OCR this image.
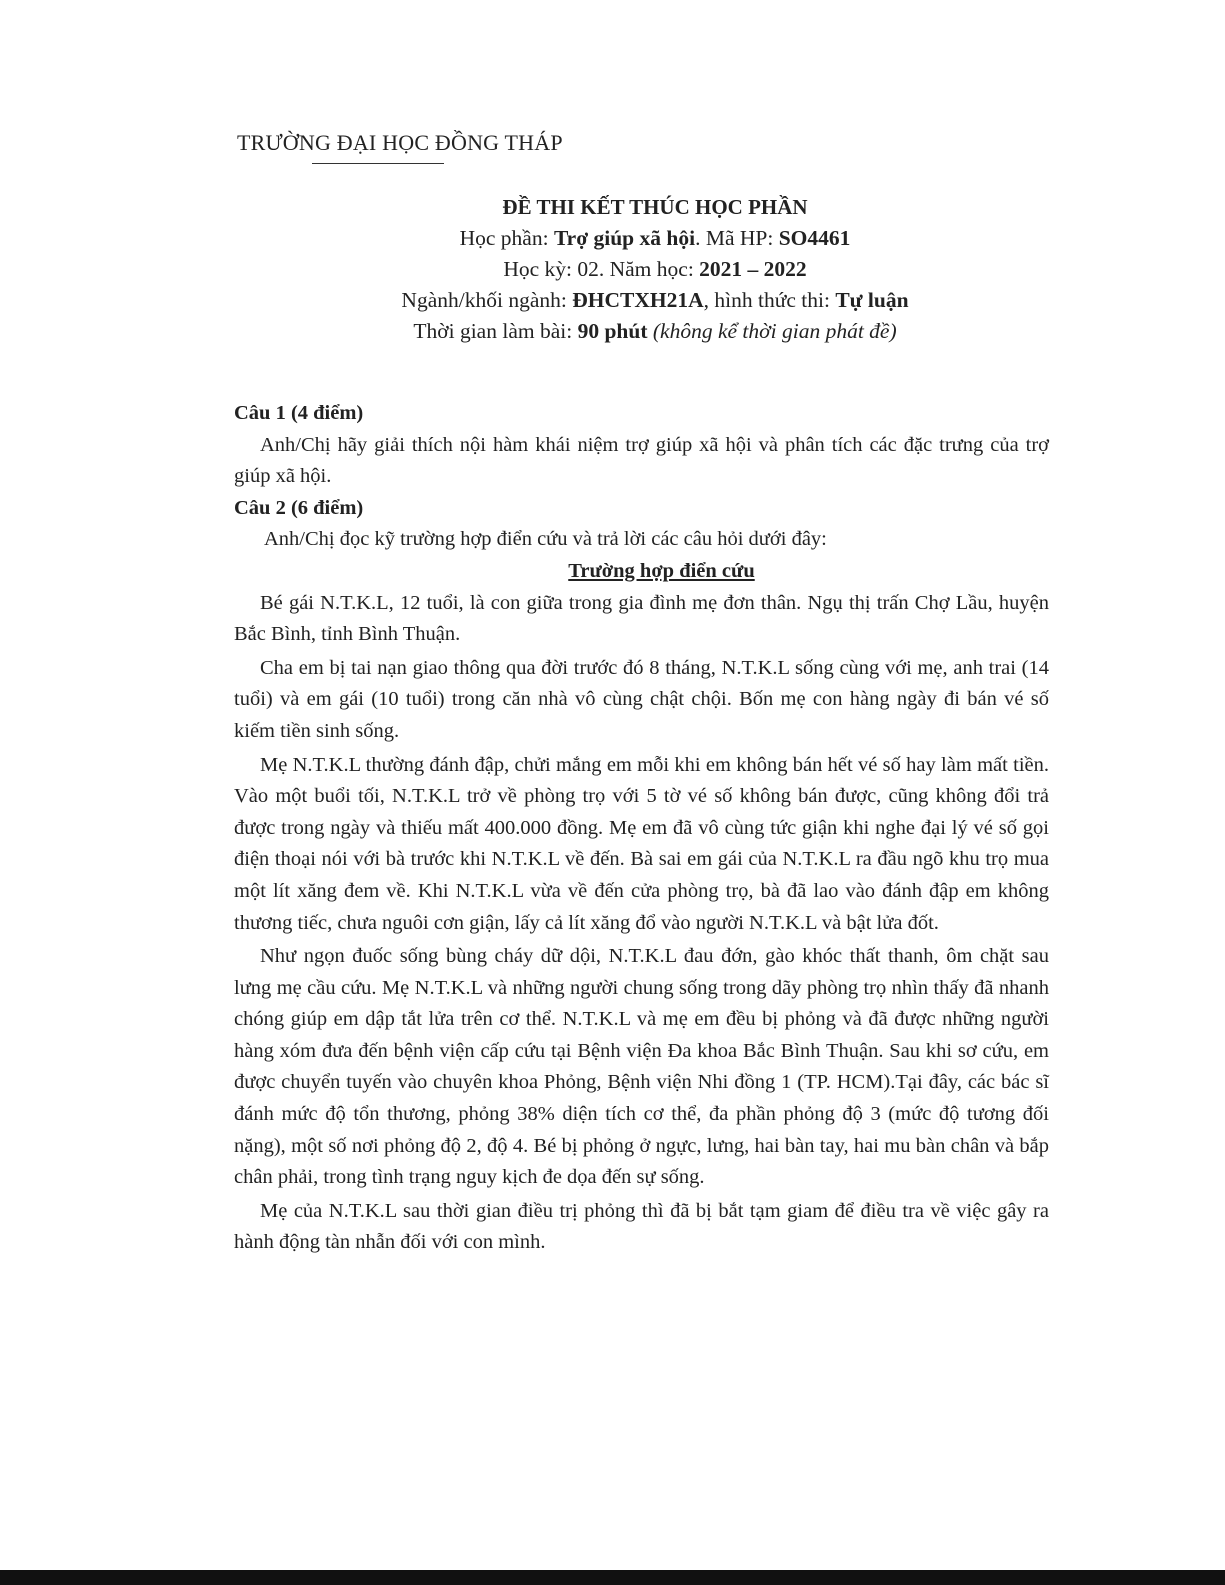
TRƯỜNG ĐẠI HỌC ĐỒNG THÁP
ĐỀ THI KẾT THÚC HỌC PHẦN
Học phần: Trợ giúp xã hội. Mã HP: SO4461
Học kỳ: 02. Năm học: 2021 – 2022
Ngành/khối ngành: ĐHCTXH21A, hình thức thi: Tự luận
Thời gian làm bài: 90 phút (không kể thời gian phát đề)

Câu 1 (4 điểm)

Anh/Chị hãy giải thích nội hàm khái niệm trợ giúp xã hội và phân tích các đặc trưng của trợ giúp xã hội.

Câu 2 (6 điểm)

Anh/Chị đọc kỹ trường hợp điển cứu và trả lời các câu hỏi dưới đây:

Trường hợp điển cứu

Bé gái N.T.K.L, 12 tuổi, là con giữa trong gia đình mẹ đơn thân. Ngụ thị trấn Chợ Lầu, huyện Bắc Bình, tỉnh Bình Thuận.

Cha em bị tai nạn giao thông qua đời trước đó 8 tháng, N.T.K.L sống cùng với mẹ, anh trai (14 tuổi) và em gái (10 tuổi) trong căn nhà vô cùng chật chội. Bốn mẹ con hàng ngày đi bán vé số kiếm tiền sinh sống.

Mẹ N.T.K.L thường đánh đập, chửi mắng em mỗi khi em không bán hết vé số hay làm mất tiền. Vào một buổi tối, N.T.K.L trở về phòng trọ với 5 tờ vé số không bán được, cũng không đổi trả được trong ngày và thiếu mất 400.000 đồng. Mẹ em đã vô cùng tức giận khi nghe đại lý vé số gọi điện thoại nói với bà trước khi N.T.K.L về đến. Bà sai em gái của N.T.K.L ra đầu ngõ khu trọ mua một lít xăng đem về. Khi N.T.K.L vừa về đến cửa phòng trọ, bà đã lao vào đánh đập em không thương tiếc, chưa nguôi cơn giận, lấy cả lít xăng đổ vào người N.T.K.L và bật lửa đốt.

Như ngọn đuốc sống bùng cháy dữ dội, N.T.K.L đau đớn, gào khóc thất thanh, ôm chặt sau lưng mẹ cầu cứu. Mẹ N.T.K.L và những người chung sống trong dãy phòng trọ nhìn thấy đã nhanh chóng giúp em dập tắt lửa trên cơ thể. N.T.K.L và mẹ em đều bị phỏng và đã được những người hàng xóm đưa đến bệnh viện cấp cứu tại Bệnh viện Đa khoa Bắc Bình Thuận. Sau khi sơ cứu, em được chuyển tuyến vào chuyên khoa Phỏng, Bệnh viện Nhi đồng 1 (TP. HCM).Tại đây, các bác sĩ đánh mức độ tổn thương, phỏng 38% diện tích cơ thể, đa phần phỏng độ 3 (mức độ tương đối nặng), một số nơi phỏng độ 2, độ 4. Bé bị phỏng ở ngực, lưng, hai bàn tay, hai mu bàn chân và bắp chân phải, trong tình trạng nguy kịch đe dọa đến sự sống.

Mẹ của N.T.K.L sau thời gian điều trị phỏng thì đã bị bắt tạm giam để điều tra về việc gây ra hành động tàn nhẫn đối với con mình.
